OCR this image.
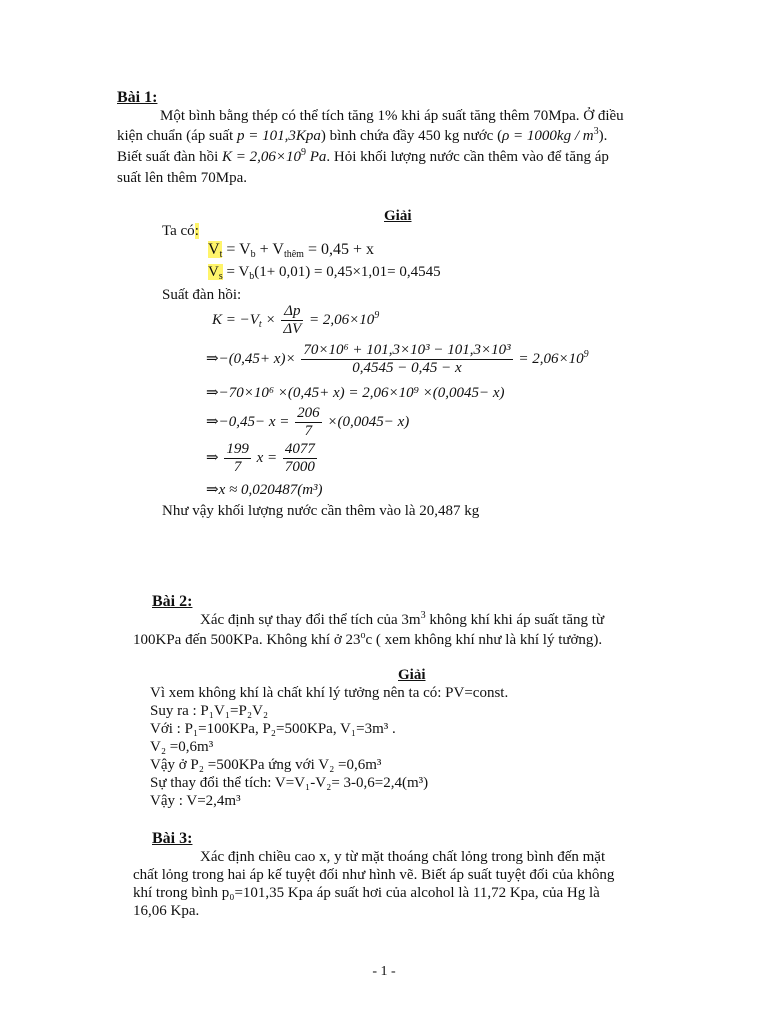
Bài 1:
Một bình bằng thép có thể tích tăng 1% khi áp suất tăng thêm 70Mpa. Ở điều
kiện chuẩn (áp suất p = 101,3Kpa) bình chứa đầy 450 kg nước $(\rho = 1000kg / m^3)$.
Biết suất đàn hồi $K = 2,06\times 10^9$ Pa. Hỏi khối lượng nước cần thêm vào để tăng áp
suất lên thêm 70Mpa.
Giải
Ta có:
$V_t = V_b + V_{thêm} = 0,45 + x$
$V_s = V_b(1+ 0,01) = 0,45\times 1,01= 0,4545$
Suất đàn hồi:
$K = -V_t \times \frac{\Delta p}{\Delta V} = 2,06\times 10^9$
⇒−(0,45+ $x)\times \frac{\text{70×10⁶ + 101,3×10³ − 101,3×10³}}{0,4545 - 0,45 - x} = 2,06\times 10^9$
⇒−70×10⁶ ×(0,45+ x) = 2,06×10⁹ ×(0,0045− x)
⇒−0,45− $x = \frac{206}{7} \times(0,0045- x)$
⇒ $\frac{199}{7}$ $x = \frac{4077}{7000}$
⇒x ≈ 0,020487(m³)
Như vậy khối lượng nước cần thêm vào là 20,487 kg
Bài 2:
Xác định sự thay đổi thể tích của $3m^3$ không khí khi áp suất tăng từ
100KPa đến 500KPa. Không khí ở 23$^o$c ( xem không khí như là khí lý tưởng).
Giải
Vì xem không khí là chất khí lý tưởng nên ta có: PV=const.
Suy ra : P₁V₁=P₂V₂
Với : P₁=100KPa, P₂=500KPa, V₁=3m³ .
V₂ =0,6m³
Vậy ở P₂ =500KPa ứng với V₂ =0,6m³
Sự thay đổi thể tích: V=V₁-V₂= 3-0,6=2,4(m³)
Vậy : V=2,4m³
Bài 3:
Xác định chiều cao x, y từ mặt thoáng chất lỏng trong bình đến mặt
chất lỏng trong hai áp kế tuyệt đối như hình vẽ. Biết áp suất tuyệt đối của không
khí trong bình p₀=101,35 Kpa áp suất hơi của alcohol là 11,72 Kpa, của Hg là
16,06 Kpa.
- 1 -
